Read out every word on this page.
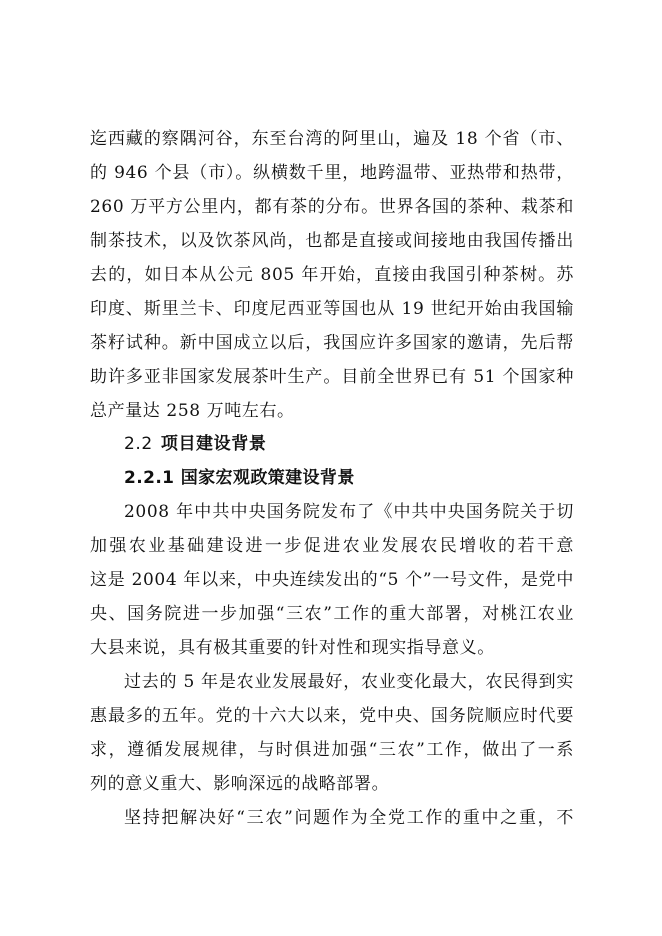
迄西藏的察隅河谷，东至台湾的阿里山，遍及 18 个省（市、
的 946 个县（市）。纵横数千里，地跨温带、亚热带和热带，
260 万平方公里内，都有茶的分布。世界各国的茶种、栽茶和
制茶技术，以及饮茶风尚，也都是直接或间接地由我国传播出
去的，如日本从公元 805 年开始，直接由我国引种茶树。苏
印度、斯里兰卡、印度尼西亚等国也从 19 世纪开始由我国输
茶籽试种。新中国成立以后，我国应许多国家的邀请，先后帮
助许多亚非国家发展茶叶生产。目前全世界已有 51 个国家种
总产量达 258 万吨左右。
2.2 项目建设背景
2.2.1 国家宏观政策建设背景
2008 年中共中央国务院发布了《中共中央国务院关于切
加强农业基础建设进一步促进农业发展农民增收的若干意
这是 2004 年以来，中央连续发出的“5 个”一号文件，是党中
央、国务院进一步加强“三农”工作的重大部署，对桃江农业
大县来说，具有极其重要的针对性和现实指导意义。
过去的 5 年是农业发展最好，农业变化最大，农民得到实
惠最多的五年。党的十六大以来，党中央、国务院顺应时代要
求，遵循发展规律，与时俱进加强“三农”工作，做出了一系
列的意义重大、影响深远的战略部署。
坚持把解决好“三农”问题作为全党工作的重中之重，不
